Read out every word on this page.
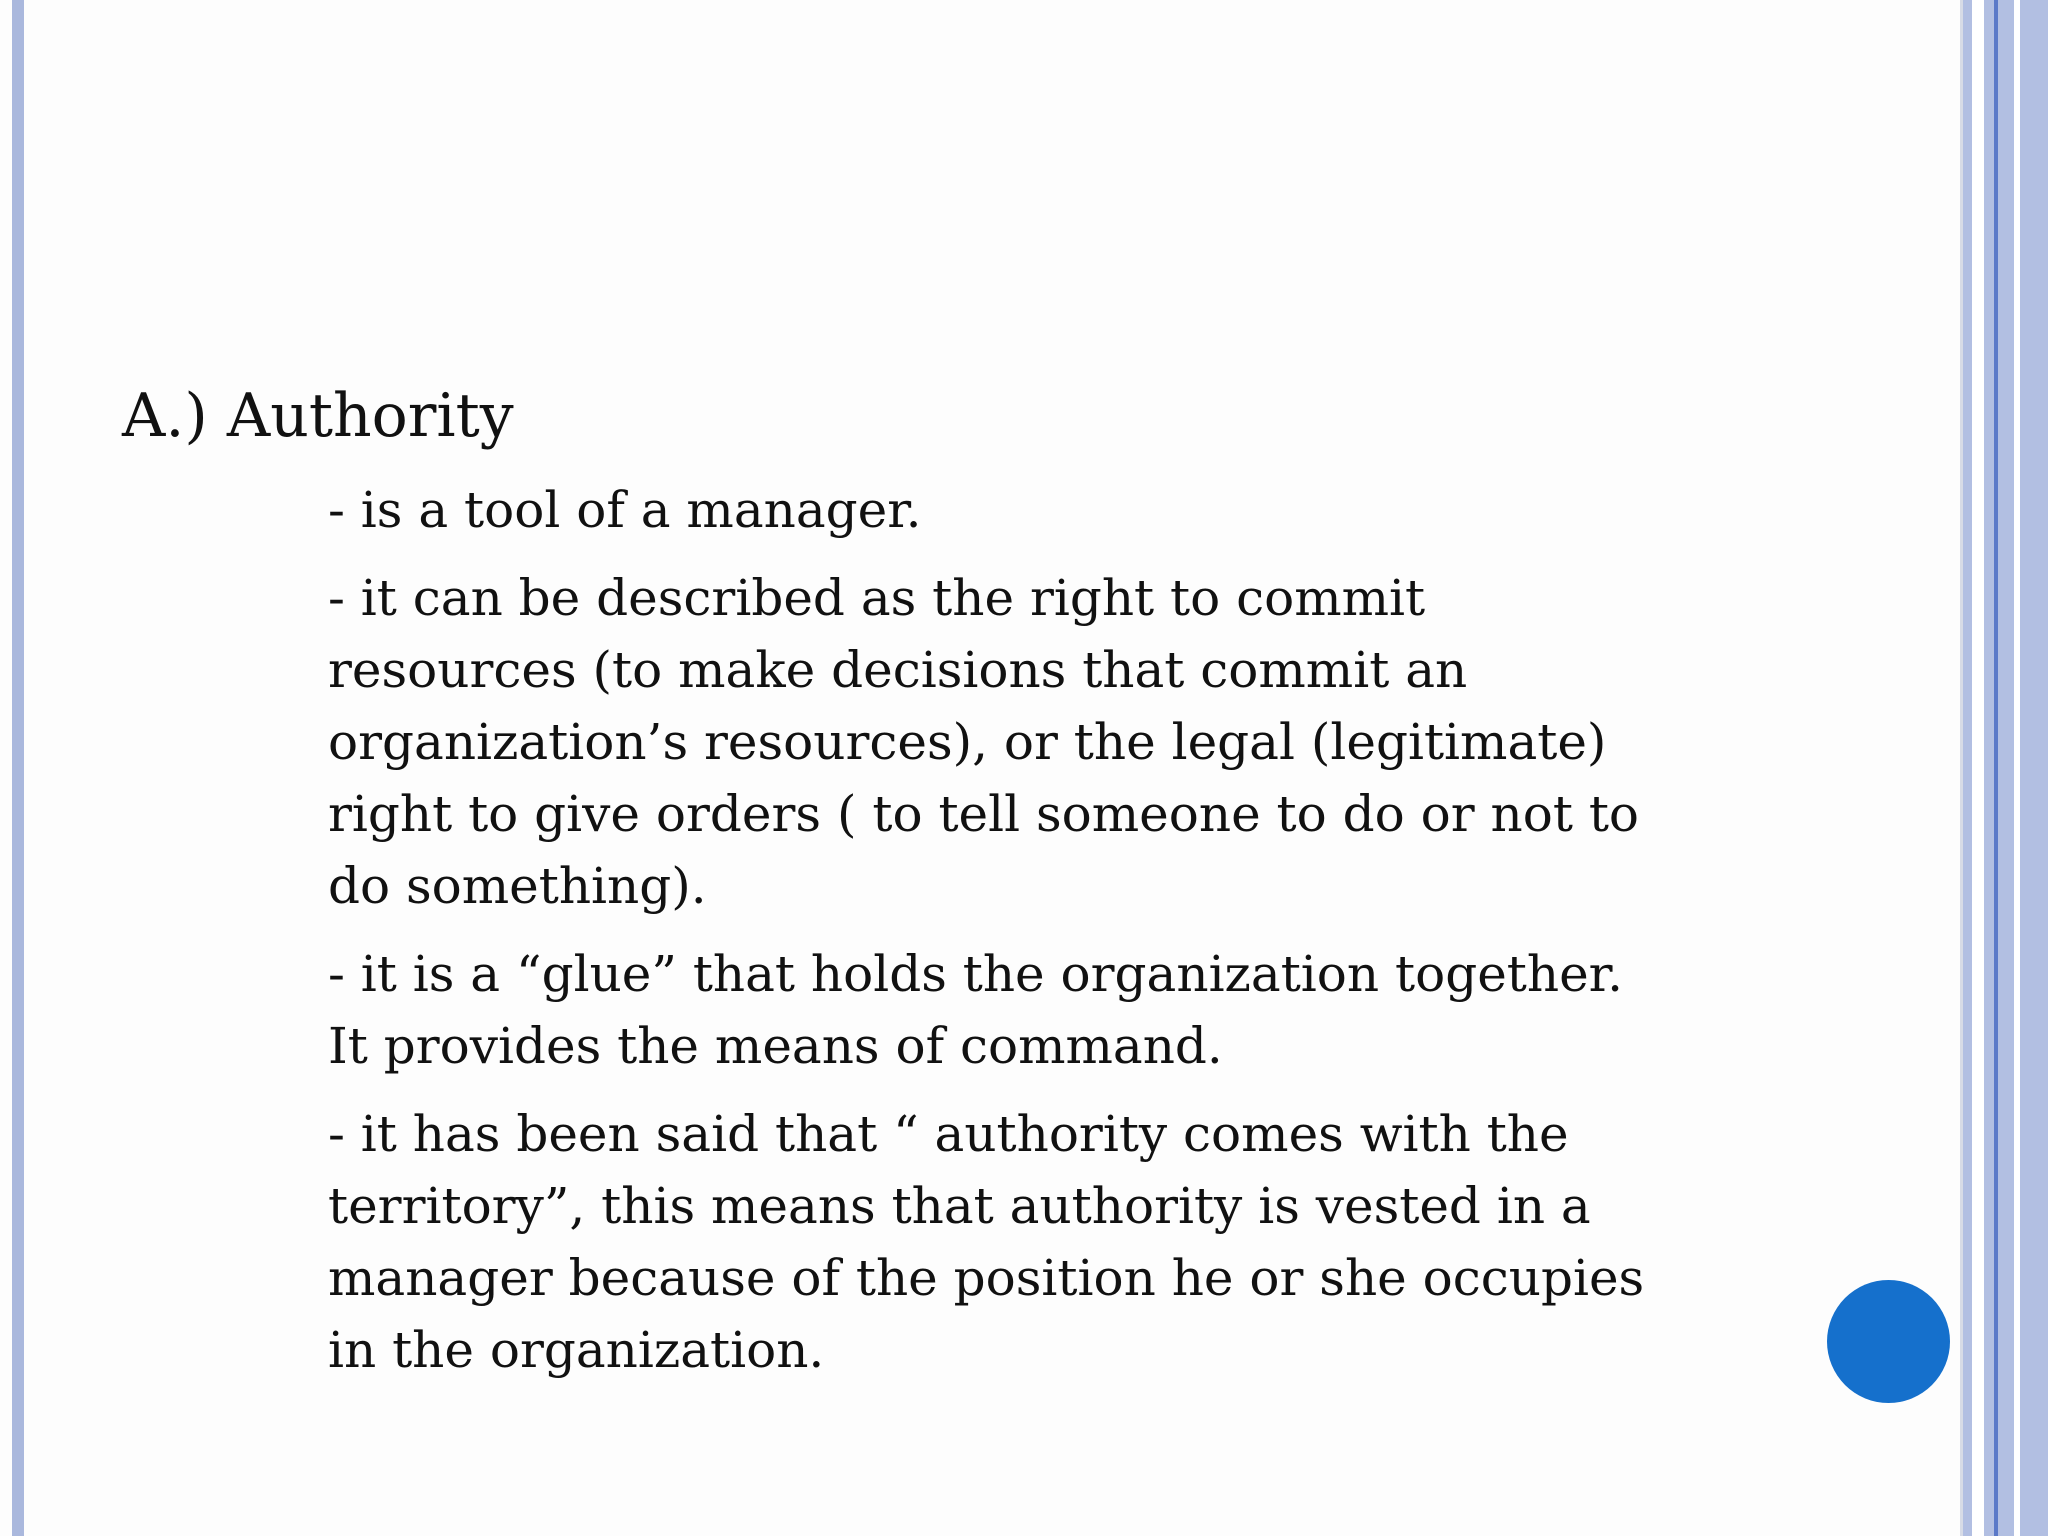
A.) Authority

- is a tool of a manager.

- it can be described as the right to commit
resources (to make decisions that commit an
organization’s resources), or the legal (legitimate)
right to give orders ( to tell someone to do or not to
do something).

- it is a “glue” that holds the organization together.
It provides the means of command.

- it has been said that “ authority comes with the
territory”, this means that authority is vested in a
manager because of the position he or she occupies
in the organization.
